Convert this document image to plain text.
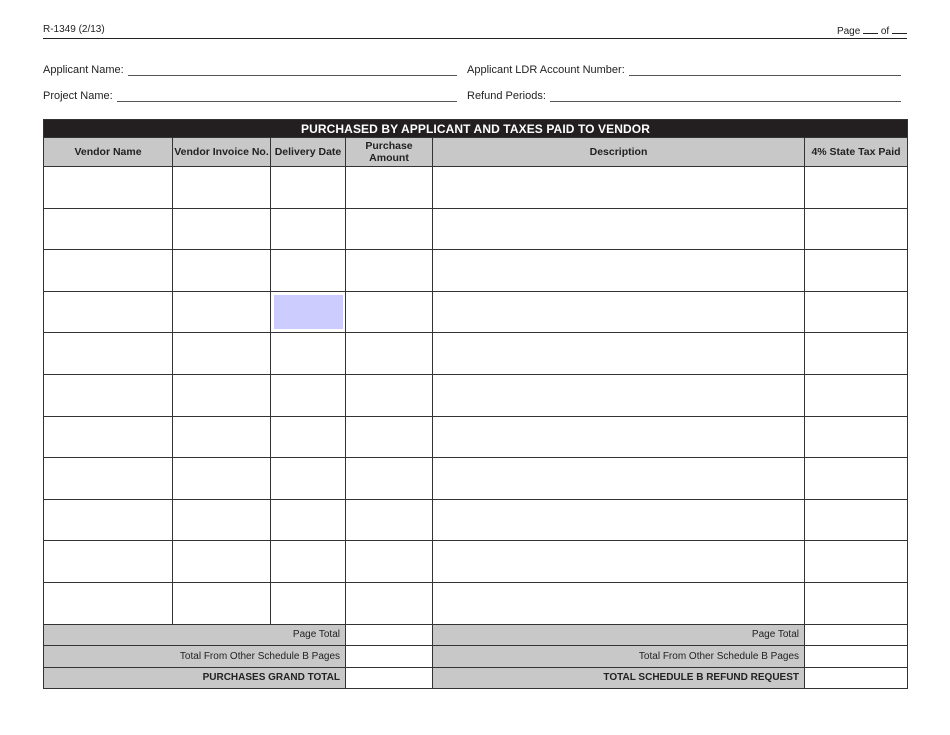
R-1349 (2/13)	Page of
Applicant Name:	Applicant LDR Account Number:
Project Name:	Refund Periods:
PURCHASED BY APPLICANT AND TAXES PAID TO VENDOR					
Vendor Name	Vendor Invoice No.	Delivery Date	Purchase Amount	Description	4% State Tax Paid

Page Total				Page Total	
Total From Other Schedule B Pages				Total From Other Schedule B Pages	
PURCHASES GRAND TOTAL				TOTAL SCHEDULE B REFUND REQUEST	
